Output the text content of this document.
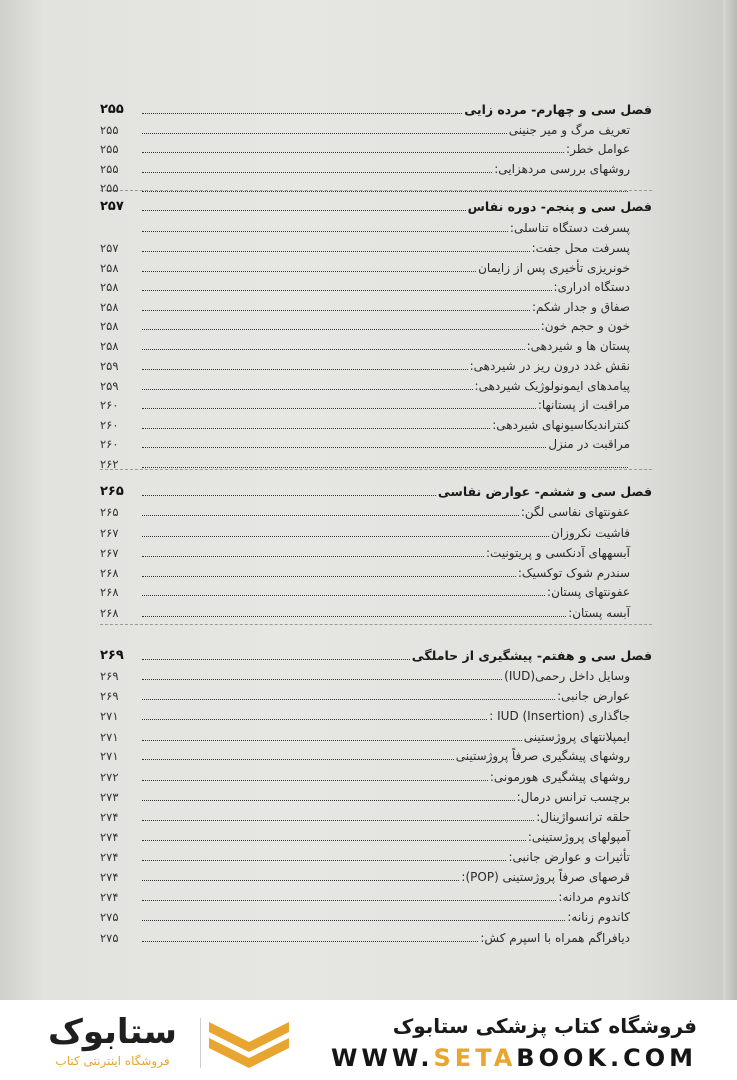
فصل سی و چهارم- مرده زایی
۲۵۵
تعریف مرگ و میر جنینی
۲۵۵
عوامل خطر:
۲۵۵
روشهای بررسی مردهزایی:
۲۵۵
۲۵۵
فصل سی و پنجم- دوره نفاس
۲۵۷
پسرفت دستگاه تناسلی:
پسرفت محل جفت:
۲۵۷
خونریزی تأخیری پس از زایمان
۲۵۸
دستگاه ادراری:
۲۵۸
صفاق و جدار شکم:
۲۵۸
خون و حجم خون:
۲۵۸
پستان ها و شیردهی:
۲۵۸
نقش غدد درون ریز در شیردهی:
۲۵۹
پیامدهای ایمونولوژیک شیردهی:
۲۵۹
مراقبت از پستانها:
۲۶۰
کنتراندیکاسیونهای شیردهی:
۲۶۰
مراقبت در منزل
۲۶۰
۲۶۲
فصل سی و ششم- عوارض نفاسی
۲۶۵
عفونتهای نفاسی لگن:
۲۶۵
فاشیت نکروزان
۲۶۷
آبسههای آدنکسی و پریتونیت:
۲۶۷
سندرم شوک توکسیک:
۲۶۸
عفونتهای پستان:
۲۶۸
آبسه پستان:
۲۶۸
فصل سی و هفتم- پیشگیری از حاملگی
۲۶۹
وسایل داخل رحمی(IUD)
۲۶۹
عوارض جانبی:
۲۶۹
جاگذاری IUD (Insertion) :
۲۷۱
ایمپلانتهای پروژستینی
۲۷۱
روشهای پیشگیری صرفاً پروژستینی
۲۷۱
روشهای پیشگیری هورمونی:
۲۷۲
برچسب ترانس درمال:
۲۷۳
حلقه ترانسواژینال:
۲۷۴
آمپولهای پروژستینی:
۲۷۴
تأثیرات و عوارض جانبی:
۲۷۴
قرصهای صرفاً پروژستینی (POP):
۲۷۴
کاندوم مردانه:
۲۷۴
کاندوم زنانه:
۲۷۵
دیافراگم همراه با اسپرم کش:
۲۷۵
ستابوک
فروشگاه اینترنتی کتاب
فروشگاه کتاب پزشکی ستابوک
WWW.SETABOOK.COM
